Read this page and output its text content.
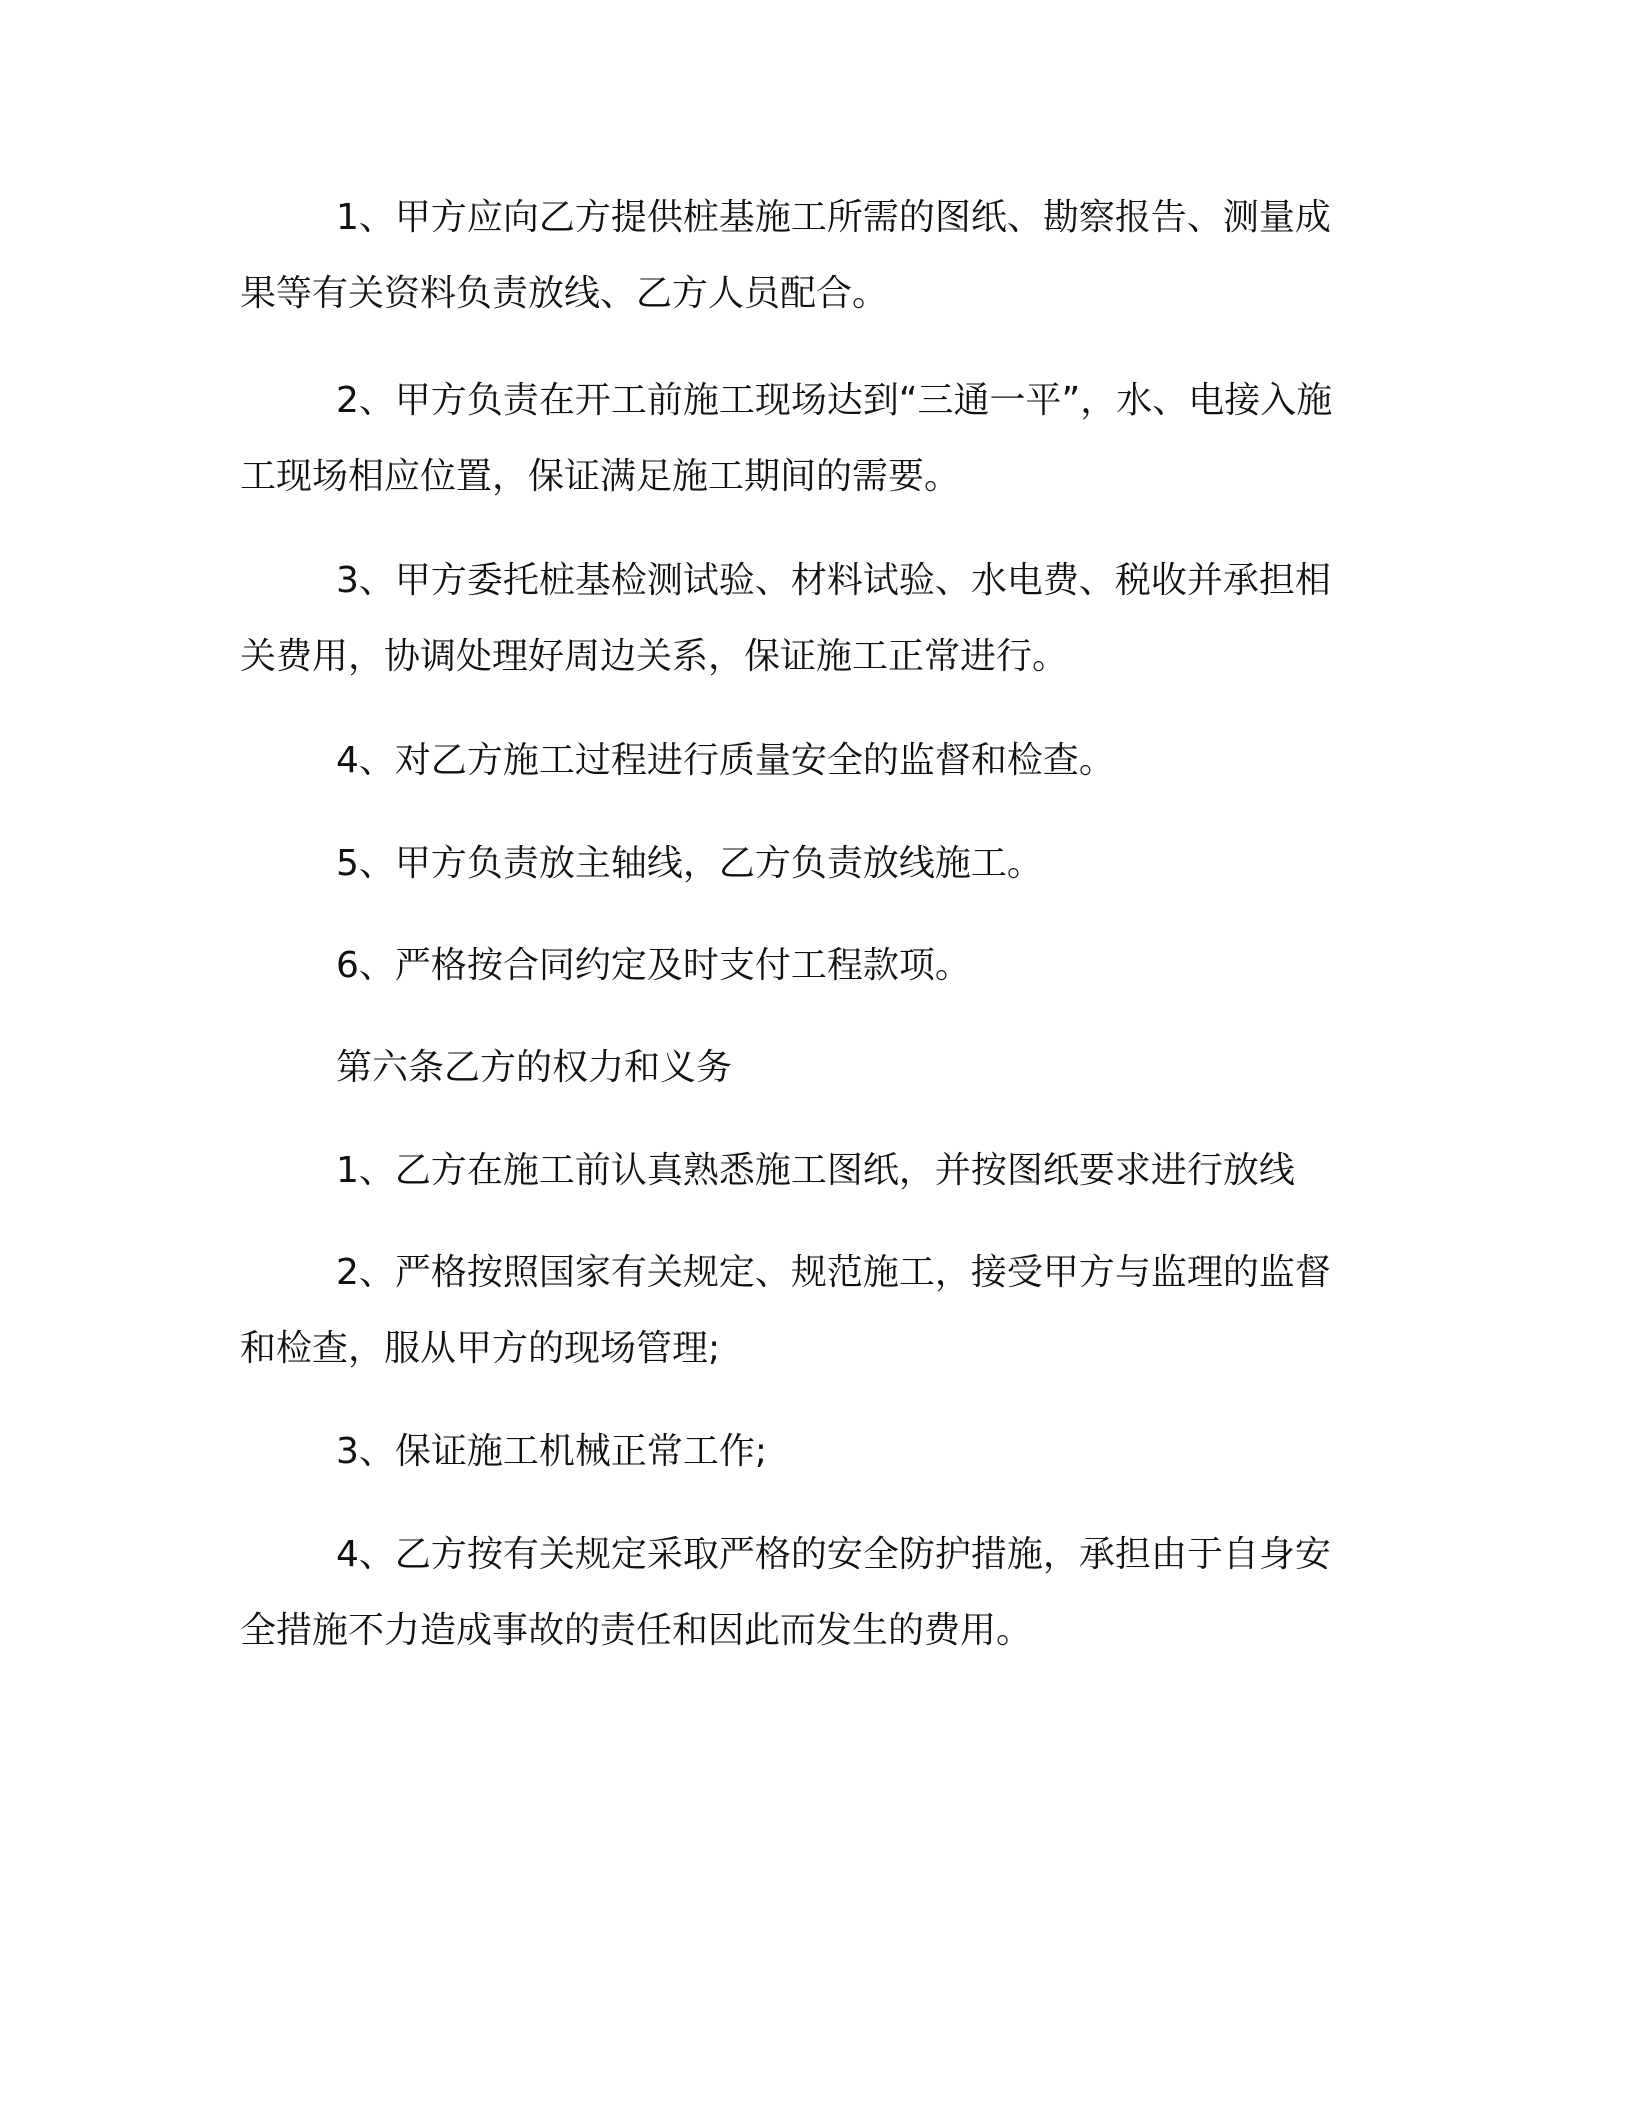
1、甲方应向乙方提供桩基施工所需的图纸、勘察报告、测量成果等有关资料负责放线、乙方人员配合。

2、甲方负责在开工前施工现场达到“三通一平”，水、电接入施工现场相应位置，保证满足施工期间的需要。

3、甲方委托桩基检测试验、材料试验、水电费、税收并承担相关费用，协调处理好周边关系，保证施工正常进行。

4、对乙方施工过程进行质量安全的监督和检查。

5、甲方负责放主轴线，乙方负责放线施工。

6、严格按合同约定及时支付工程款项。

第六条乙方的权力和义务

1、乙方在施工前认真熟悉施工图纸，并按图纸要求进行放线

2、严格按照国家有关规定、规范施工，接受甲方与监理的监督和检查，服从甲方的现场管理;

3、保证施工机械正常工作;

4、乙方按有关规定采取严格的安全防护措施，承担由于自身安全措施不力造成事故的责任和因此而发生的费用。
